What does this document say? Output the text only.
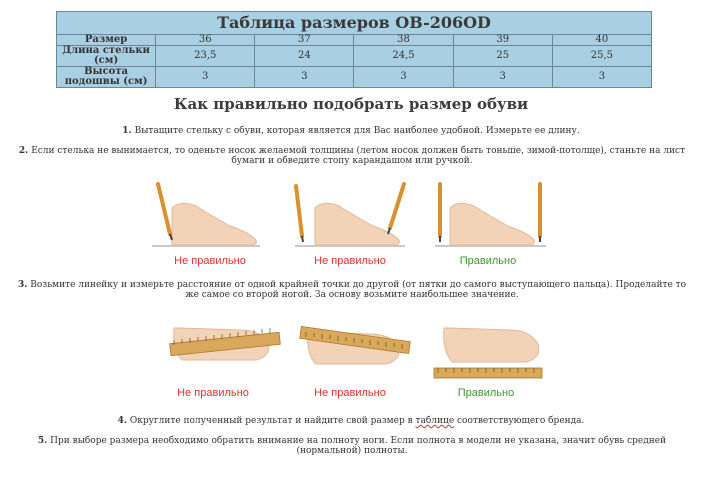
Таблица размеров OB-206OD					
Размер	36	37	38	39	40
Длина стельки (см)	23,5	24	24,5	25	25,5
Высота подошвы (см)	3	3	3	3	3
Как правильно подобрать размер обуви
1. Вытащите стельку с обуви, которая является для Вас наиболее удобной. Измерьте ее длину.
2. Если стелька не вынимается, то оденьте носок желаемой толщины (летом носок должен быть тоньше, зимой-потолще), станьте на лист бумаги и обведите стопу карандашом или ручкой.
Не правильно	Не правильно	Правильно
3. Возьмите линейку и измерьте расстояние от одной крайней точки до другой (от пятки до самого выступающего пальца). Проделайте то же самое со второй ногой. За основу возьмите наибольшее значение.
Не правильно	Не правильно	Правильно
4. Округлите полученный результат и найдите свой размер в таблице соответствующего бренда.
5. При выборе размера необходимо обратить внимание на полноту ноги. Если полнота в модели не указана, значит обувь средней (нормальной) полноты.
